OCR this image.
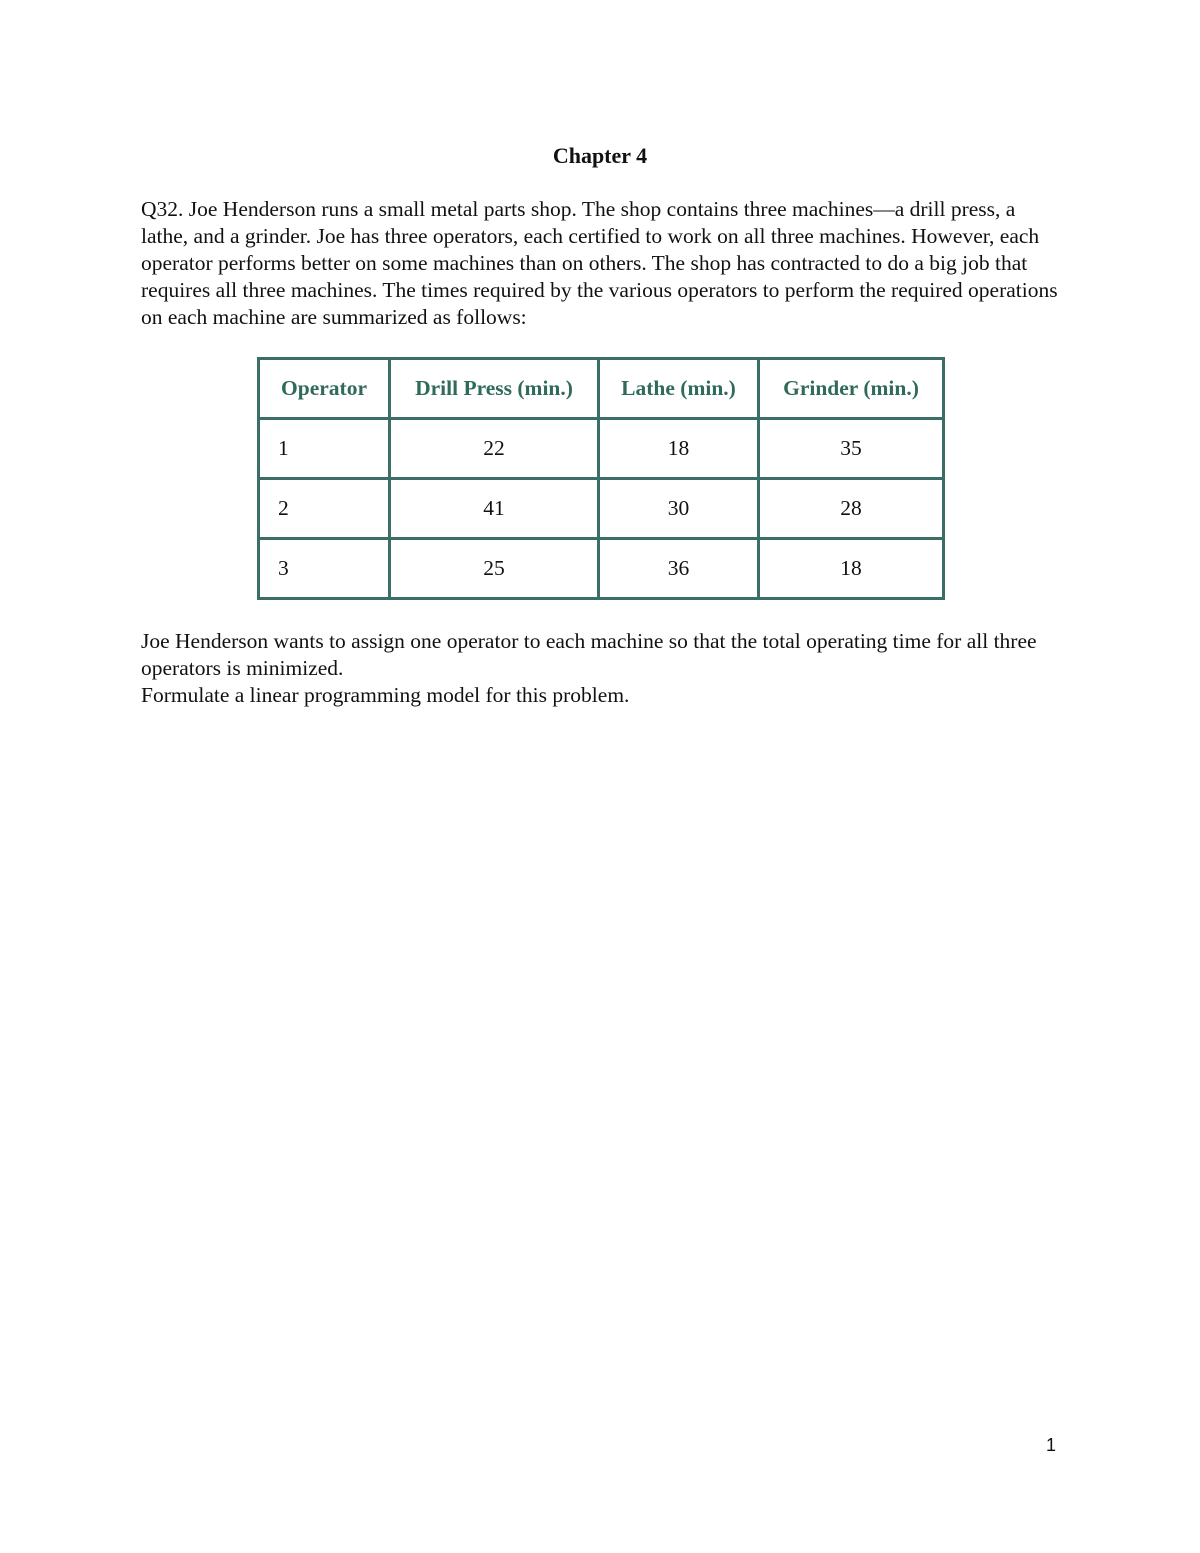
Chapter 4

Q32. Joe Henderson runs a small metal parts shop. The shop contains three machines—a drill press, a lathe, and a grinder. Joe has three operators, each certified to work on all three machines. However, each operator performs better on some machines than on others. The shop has contracted to do a big job that requires all three machines. The times required by the various operators to perform the required operations on each machine are summarized as follows:

Operator	Drill Press (min.)	Lathe (min.)	Grinder (min.)
1	22	18	35
2	41	30	28
3	25	36	18

Joe Henderson wants to assign one operator to each machine so that the total operating time for all three operators is minimized.
Formulate a linear programming model for this problem.

1
